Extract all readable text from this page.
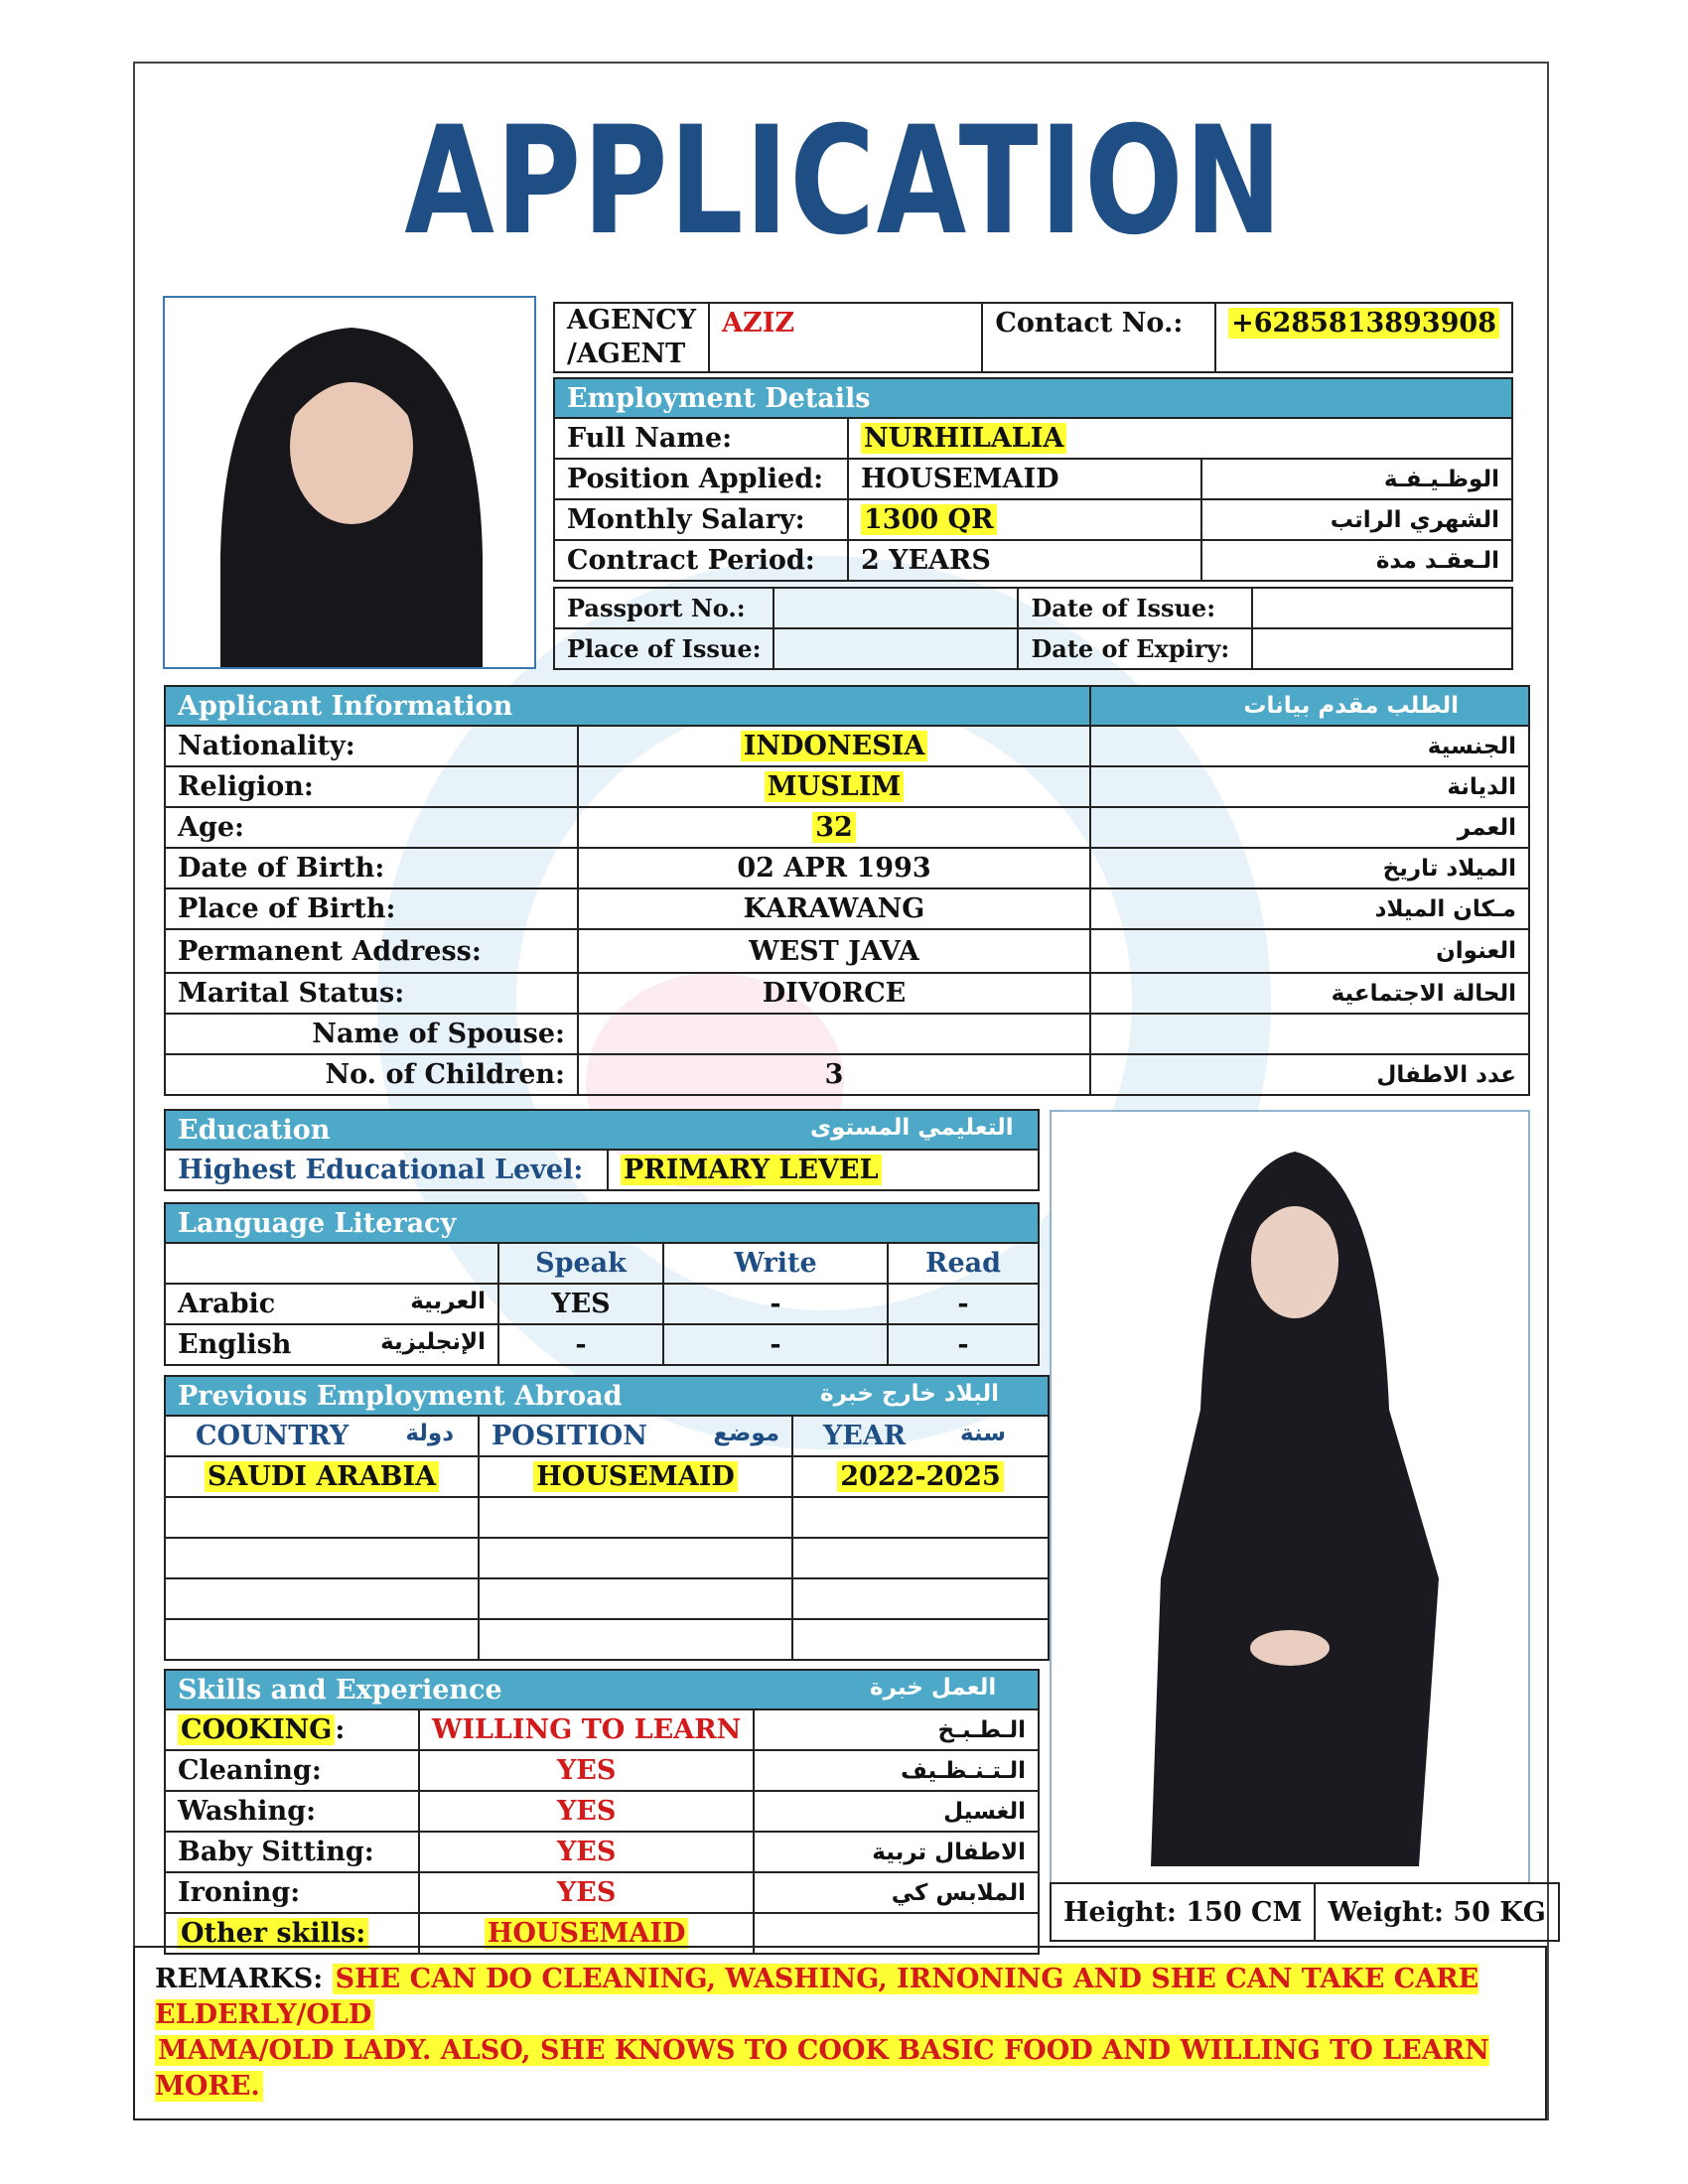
APPLICATION
AGENCY
/AGENT	AZIZ	Contact No.:	+6285813893908
Employment Details		
Full Name:	NURHILALIA	
Position Applied:	HOUSEMAID	الوظـيـفـة
Monthly Salary:	1300 QR	الشهري الراتب
Contract Period:	2 YEARS	الـعقـد مدة
Passport No.:		Date of Issue:	
Place of Issue:		Date of Expiry:	
Applicant Information		الطلب مقدم بيانات
Nationality:	INDONESIA	الجنسية
Religion:	MUSLIM	الديانة
Age:	32	العمر
Date of Birth:	02 APR 1993	الميلاد تاريخ
Place of Birth:	KARAWANG	مـكان الميلاد
Permanent Address:	WEST JAVA	العنوان
Marital Status:	DIVORCE	الحالة الاجتماعية
Name of Spouse:		
No. of Children:	3	عدد الاطفال
Education	التعليمي المستوى

Highest Educational Level:	PRIMARY LEVEL
Language Literacy			
	Speak	Write	Read
Arabic العربية	YES	-	-
English الإنجليزية	-	-	-
Previous Employment Abroad البلاد خارج خبرة		

COUNTRY دولة	POSITION موضع	YEAR سنة

SAUDI ARABIA	HOUSEMAID	2022-2025

Skills and Experience العمل خبرة		

COOKING :	WILLING TO LEARN	الـطـبـخ
Cleaning:	YES	الـتـنـظـيف
Washing:	YES	الغسيل
Baby Sitting:	YES	الاطفال تربية
Ironing:	YES	الملابس كي
Other skills:	HOUSEMAID	
Height: 150 CM	Weight: 50 KG
REMARKS: SHE CAN DO CLEANING, WASHING, IRNONING AND SHE CAN TAKE CARE ELDERLY/OLD
MAMA/OLD LADY. ALSO, SHE KNOWS TO COOK BASIC FOOD AND WILLING TO LEARN MORE.
